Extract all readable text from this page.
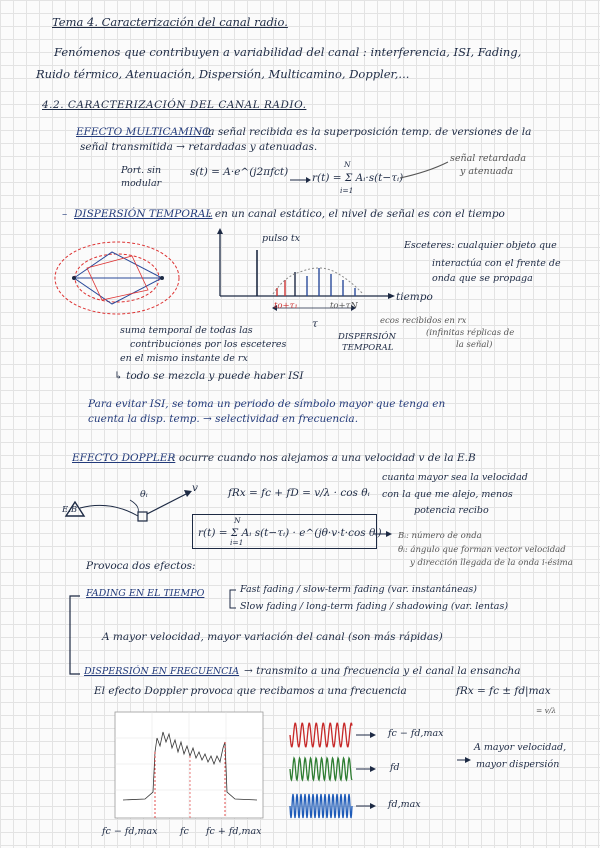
Tema 4. Caracterización del canal radio.
Fenómenos que contribuyen a variabilidad del canal : interferencia, ISI, Fading,
Ruido térmico, Atenuación, Dispersión, Multicamino, Doppler,...
4.2. CARACTERIZACIÓN DEL CANAL RADIO.
EFECTO MULTICAMINO
: la señal recibida es la superposición temp. de versiones de la
señal transmitida → retardadas y atenuadas.
Port. sin
modular
s(t) = A·e^(j2πfct) r(t) = Σ Aᵢ·s(t−τᵢ)
N
i=1
señal retardada
y atenuada
– DISPERSIÓN TEMPORAL
: en un canal estático, el nivel de señal es con el tiempo
pulso tx
tiempo
to+τ₁	to+τN
τ
DISPERSIÓN
TEMPORAL
ecos recibidos en rx
(infinitas réplicas de
la señal)
Esceteres: cualquier objeto que
interactúa con el frente de
onda que se propaga
suma temporal de todas las
contribuciones por los esceteres
en el mismo instante de rx
↳ todo se mezcla y puede haber ISI
Para evitar ISI, se toma un periodo de símbolo mayor que tenga en
cuenta la disp. temp. → selectividad en frecuencia.
EFECTO DOPPLER
: ocurre cuando nos alejamos a una velocidad v de la E.B
E.B
θᵢ
v	fRx = fc + fD = v/λ · cos θᵢ
cuanta mayor sea la velocidad
con la que me alejo, menos
potencia recibo
r(t) = Σ Aᵢ s(t−τᵢ) · e^(jθ·v·t·cos θᵢ)
N
i=1
Bᵢ: número de onda
θᵢ: ángulo que forman vector velocidad
y dirección llegada de la onda i-ésima
Provoca dos efectos:
FADING EN EL TIEMPO	Fast fading / slow-term fading (var. instantáneas)
Slow fading / long-term fading / shadowing (var. lentas)
A mayor velocidad, mayor variación del canal (son más rápidas)
DISPERSIÓN EN FRECUENCIA → transmito a una frecuencia y el canal la ensancha
El efecto Doppler provoca que recibamos a una frecuencia	fRx = fc ± fd|max
= v/λ
fc − fd,max fc fc + fd,max
fc − fd,max
fd
fd,max
A mayor velocidad,
mayor dispersión
